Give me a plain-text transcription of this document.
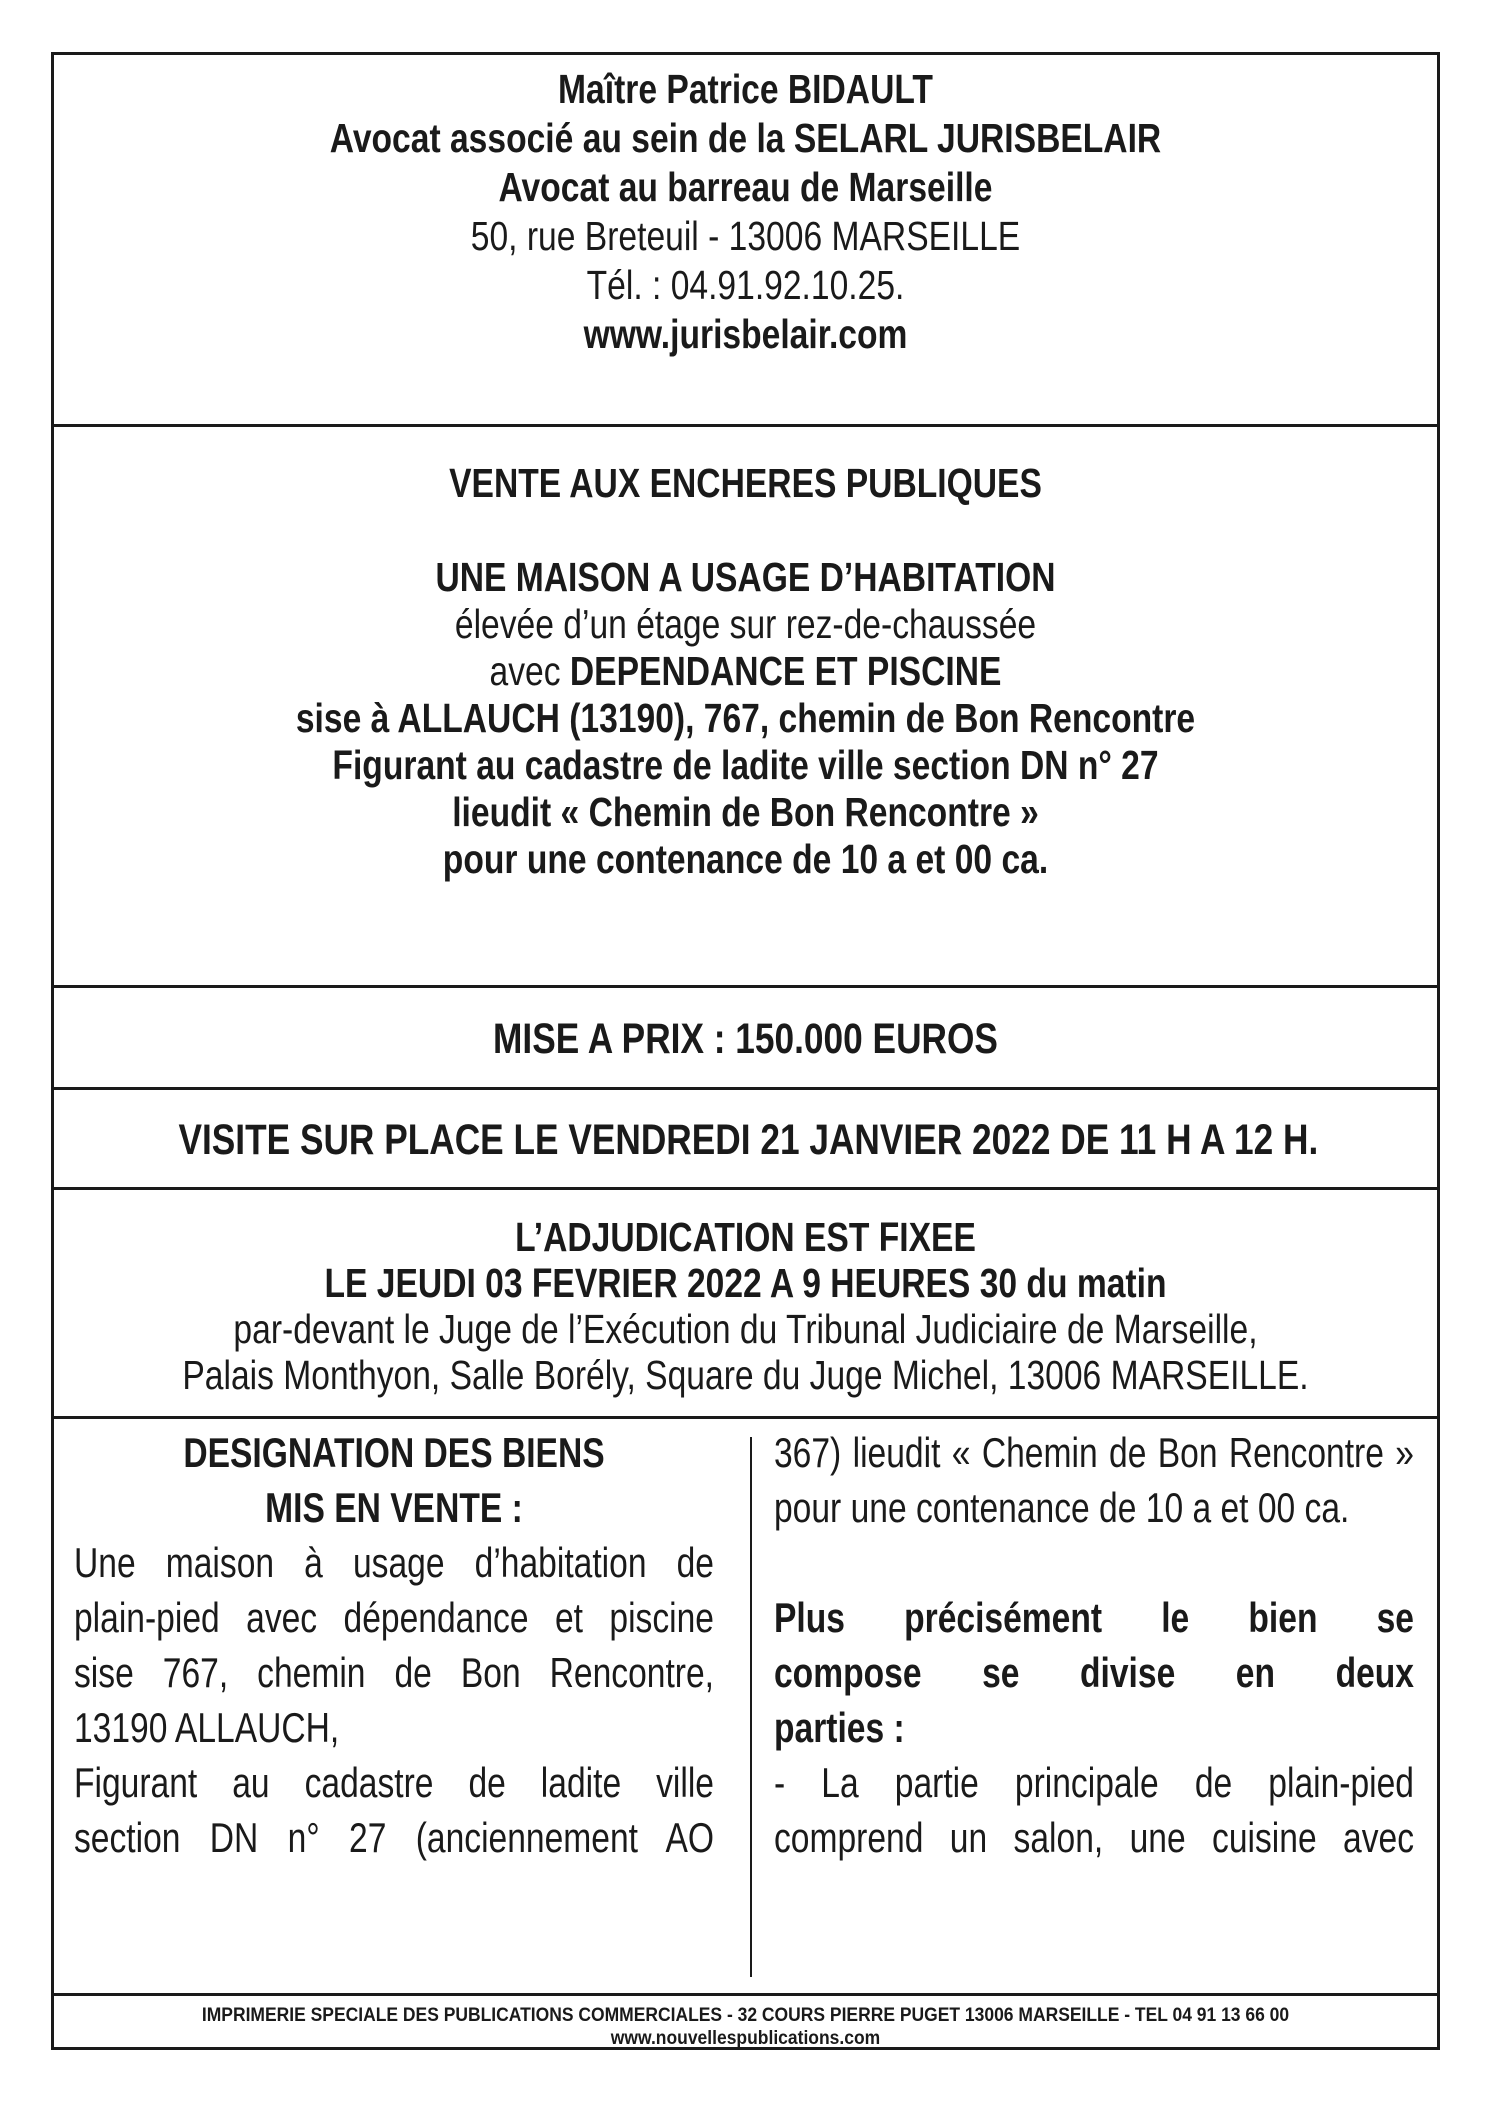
Maître Patrice BIDAULT
Avocat associé au sein de la SELARL JURISBELAIR
Avocat au barreau de Marseille
50, rue Breteuil - 13006 MARSEILLE
Tél. : 04.91.92.10.25.
www.jurisbelair.com
VENTE AUX ENCHERES PUBLIQUES
UNE MAISON A USAGE D’HABITATION
élevée d’un étage sur rez-de-chaussée
avec DEPENDANCE ET PISCINE
sise à ALLAUCH (13190), 767, chemin de Bon Rencontre
Figurant au cadastre de ladite ville section DN n° 27
lieudit « Chemin de Bon Rencontre »
pour une contenance de 10 a et 00 ca.
MISE A PRIX : 150.000 EUROS
VISITE SUR PLACE LE VENDREDI 21 JANVIER 2022 DE 11 H A 12 H.
L’ADJUDICATION EST FIXEE
LE JEUDI 03 FEVRIER 2022 A 9 HEURES 30 du matin
par-devant le Juge de l’Exécution du Tribunal Judiciaire de Marseille,
Palais Monthyon, Salle Borély, Square du Juge Michel, 13006 MARSEILLE.
DESIGNATION DES BIENS
MIS EN VENTE :
Une maison à usage d’habitation de
plain-pied avec dépendance et piscine
sise 767, chemin de Bon Rencontre,
13190 ALLAUCH,
Figurant au cadastre de ladite ville
section DN n° 27 (anciennement AO
367) lieudit « Chemin de Bon Rencontre »
pour une contenance de 10 a et 00 ca.
Plus précisément le bien se
compose se divise en deux
parties :
- La partie principale de plain-pied
comprend un salon, une cuisine avec
IMPRIMERIE SPECIALE DES PUBLICATIONS COMMERCIALES - 32 COURS PIERRE PUGET 13006 MARSEILLE - TEL 04 91 13 66 00
www.nouvellespublications.com
